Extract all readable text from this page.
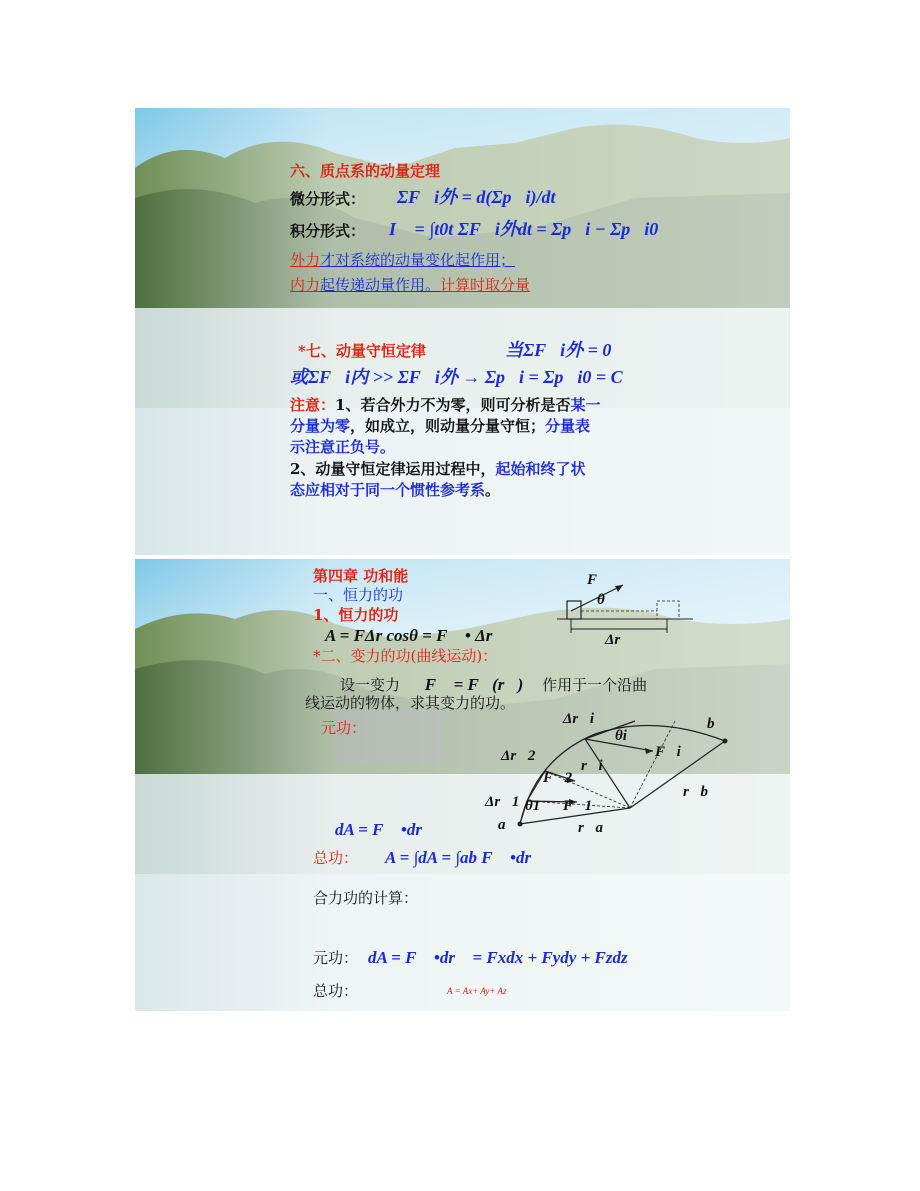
六、质点系的动量定理
微分形式： ΣF⃗i外 = d(Σp⃗i)/dt
积分形式： I⃗ = ∫t0t ΣF⃗i外dt = Σp⃗i − Σp⃗i0
外力才对系统的动量变化起作用；
内力起传递动量作用。计算时取分量
*七、动量守恒定律	当ΣF⃗i外 = 0
或ΣF⃗i内 >> ΣF⃗i外 → Σp⃗i = Σp⃗i0 = C⃗
注意：1、若合外力不为零，则可分析是否某一
分量为零，如成立，则动量分量守恒；分量表
示注意正负号。
2、动量守恒定律运用过程中，起始和终了状
态应相对于同一个惯性参考系。
第四章 功和能
一、恒力的功
1、恒力的功
A = FΔr cosθ = F⃗ • Δr⃗
*二、变力的功(曲线运动)：
设一变力 F⃗ = F⃗(r⃗) 作用于一个沿曲
线运动的物体，求其变力的功。
元功：
F⃗
θ
Δr⃗
Δr⃗i
θi
F⃗i
b
Δr⃗2
r⃗i
F⃗2
r⃗b
Δr⃗1 θ1 F⃗1
a	r⃗a
dA = F⃗ •dr⃗
总功： A = ∫dA = ∫ab F⃗ •dr⃗
合力功的计算：
元功： dA = F⃗ •dr⃗ = Fxdx + Fydy + Fzdz
总功：	A = Ax+ Ay+ Az
